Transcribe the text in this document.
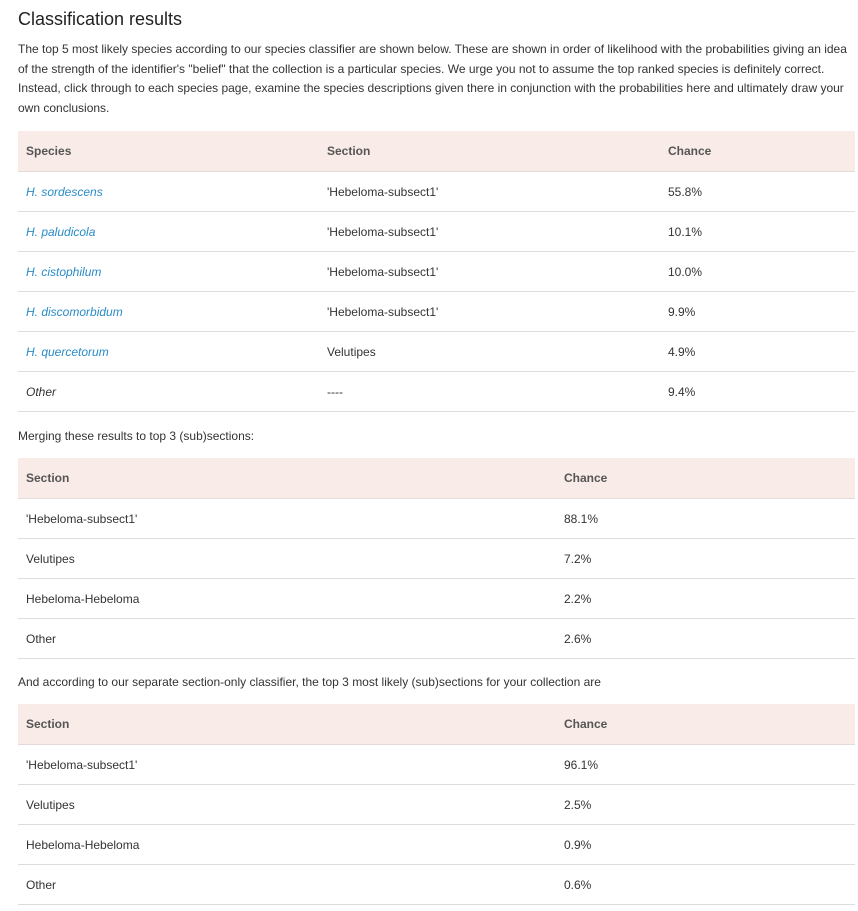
Classification results

The top 5 most likely species according to our species classifier are shown below. These are shown in order of likelihood with the probabilities giving an idea of the strength of the identifier's "belief" that the collection is a particular species. We urge you not to assume the top ranked species is definitely correct. Instead, click through to each species page, examine the species descriptions given there in conjunction with the probabilities here and ultimately draw your own conclusions.

Species	Section	Chance
H. sordescens	'Hebeloma-subsect1'	55.8%
H. paludicola	'Hebeloma-subsect1'	10.1%
H. cistophilum	'Hebeloma-subsect1'	10.0%
H. discomorbidum	'Hebeloma-subsect1'	9.9%
H. quercetorum	Velutipes	4.9%
Other	----	9.4%

Merging these results to top 3 (sub)sections:

Section	Chance
'Hebeloma-subsect1'	88.1%
Velutipes	7.2%
Hebeloma-Hebeloma	2.2%
Other	2.6%

And according to our separate section-only classifier, the top 3 most likely (sub)sections for your collection are

Section	Chance
'Hebeloma-subsect1'	96.1%
Velutipes	2.5%
Hebeloma-Hebeloma	0.9%
Other	0.6%
